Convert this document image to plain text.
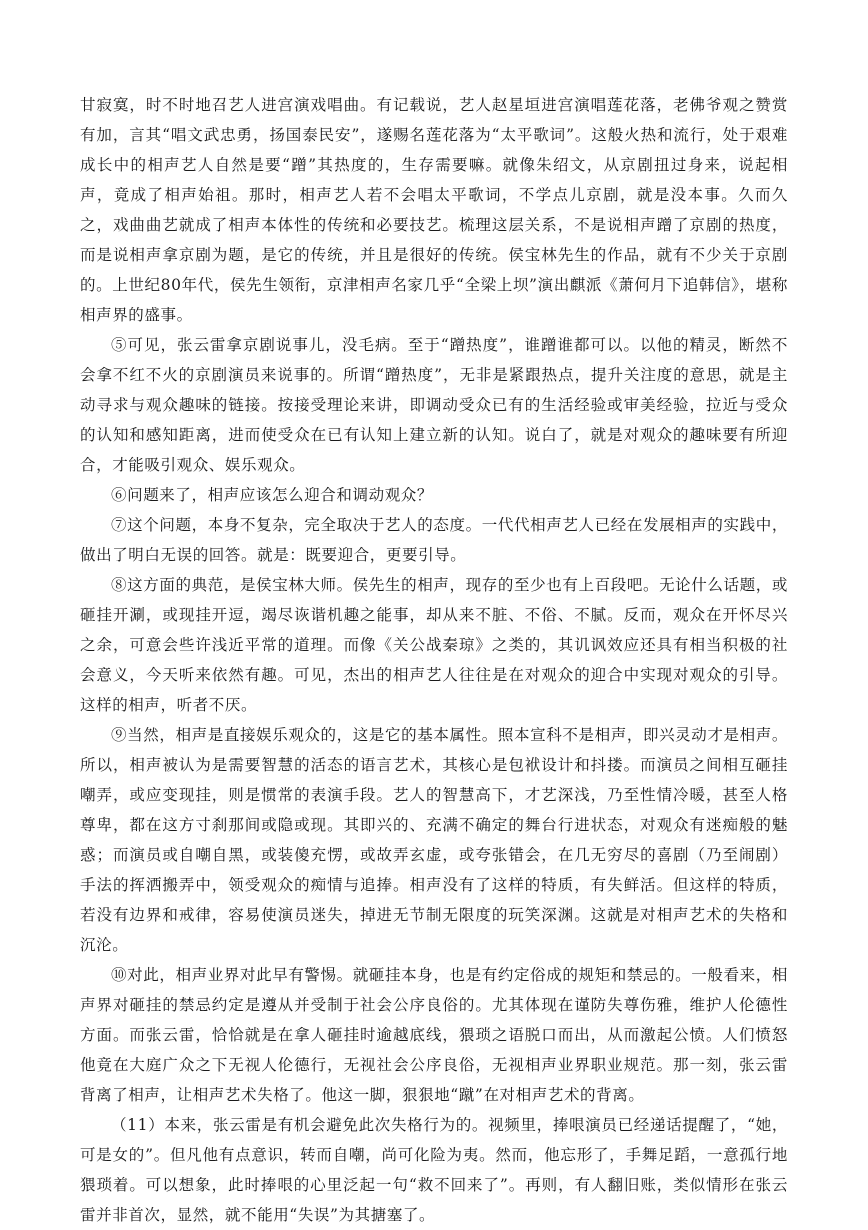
甘寂寞，时不时地召艺人进宫演戏唱曲。有记载说，艺人赵星垣进宫演唱莲花落，老佛爷观之赞赏有加，言其“唱文武忠勇，扬国泰民安”，遂赐名莲花落为“太平歌词”。这般火热和流行，处于艰难成长中的相声艺人自然是要“蹭”其热度的，生存需要嘛。就像朱绍文，从京剧扭过身来，说起相声，竟成了相声始祖。那时，相声艺人若不会唱太平歌词，不学点儿京剧，就是没本事。久而久之，戏曲曲艺就成了相声本体性的传统和必要技艺。梳理这层关系，不是说相声蹭了京剧的热度，而是说相声拿京剧为题，是它的传统，并且是很好的传统。侯宝林先生的作品，就有不少关于京剧的。上世纪80年代，侯先生领衔，京津相声名家几乎“全梁上坝”演出麒派《萧何月下追韩信》，堪称相声界的盛事。

⑤可见，张云雷拿京剧说事儿，没毛病。至于“蹭热度”，谁蹭谁都可以。以他的精灵，断然不会拿不红不火的京剧演员来说事的。所谓“蹭热度”，无非是紧跟热点，提升关注度的意思，就是主动寻求与观众趣味的链接。按接受理论来讲，即调动受众已有的生活经验或审美经验，拉近与受众的认知和感知距离，进而使受众在已有认知上建立新的认知。说白了，就是对观众的趣味要有所迎合，才能吸引观众、娱乐观众。

⑥问题来了，相声应该怎么迎合和调动观众？

⑦这个问题，本身不复杂，完全取决于艺人的态度。一代代相声艺人已经在发展相声的实践中，做出了明白无误的回答。就是：既要迎合，更要引导。

⑧这方面的典范，是侯宝林大师。侯先生的相声，现存的至少也有上百段吧。无论什么话题，或砸挂开涮，或现挂开逗，竭尽诙谐机趣之能事，却从来不脏、不俗、不腻。反而，观众在开怀尽兴之余，可意会些许浅近平常的道理。而像《关公战秦琼》之类的，其讥讽效应还具有相当积极的社会意义，今天听来依然有趣。可见，杰出的相声艺人往往是在对观众的迎合中实现对观众的引导。这样的相声，听者不厌。

⑨当然，相声是直接娱乐观众的，这是它的基本属性。照本宣科不是相声，即兴灵动才是相声。所以，相声被认为是需要智慧的活态的语言艺术，其核心是包袱设计和抖搂。而演员之间相互砸挂嘲弄，或应变现挂，则是惯常的表演手段。艺人的智慧高下，才艺深浅，乃至性情冷暖，甚至人格尊卑，都在这方寸刹那间或隐或现。其即兴的、充满不确定的舞台行进状态，对观众有迷痴般的魅惑；而演员或自嘲自黑，或装傻充愣，或故弄玄虚，或夸张错会，在几无穷尽的喜剧（乃至闹剧）手法的挥洒搬弄中，领受观众的痴情与追捧。相声没有了这样的特质，有失鲜活。但这样的特质，若没有边界和戒律，容易使演员迷失，掉进无节制无限度的玩笑深渊。这就是对相声艺术的失格和沉沦。

⑩对此，相声业界对此早有警惕。就砸挂本身，也是有约定俗成的规矩和禁忌的。一般看来，相声界对砸挂的禁忌约定是遵从并受制于社会公序良俗的。尤其体现在谨防失尊伤雅，维护人伦德性方面。而张云雷，恰恰就是在拿人砸挂时逾越底线，猥琐之语脱口而出，从而激起公愤。人们愤怒他竟在大庭广众之下无视人伦德行，无视社会公序良俗，无视相声业界职业规范。那一刻，张云雷背离了相声，让相声艺术失格了。他这一脚，狠狠地“蹴”在对相声艺术的背离。

（11）本来，张云雷是有机会避免此次失格行为的。视频里，捧哏演员已经递话提醒了，“她，可是女的”。但凡他有点意识，转而自嘲，尚可化险为夷。然而，他忘形了，手舞足蹈，一意孤行地猥琐着。可以想象，此时捧哏的心里泛起一句“救不回来了”。再则，有人翻旧账，类似情形在张云雷并非首次，显然，就不能用“失误”为其搪塞了。
